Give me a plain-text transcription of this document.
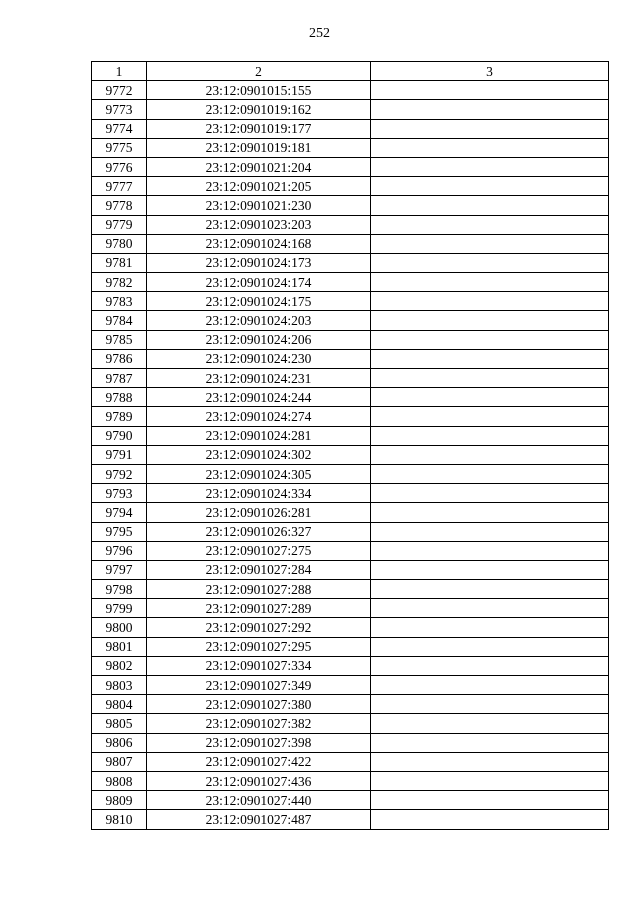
252
1	2	3
9772	23:12:0901015:155	
9773	23:12:0901019:162	
9774	23:12:0901019:177	
9775	23:12:0901019:181	
9776	23:12:0901021:204	
9777	23:12:0901021:205	
9778	23:12:0901021:230	
9779	23:12:0901023:203	
9780	23:12:0901024:168	
9781	23:12:0901024:173	
9782	23:12:0901024:174	
9783	23:12:0901024:175	
9784	23:12:0901024:203	
9785	23:12:0901024:206	
9786	23:12:0901024:230	
9787	23:12:0901024:231	
9788	23:12:0901024:244	
9789	23:12:0901024:274	
9790	23:12:0901024:281	
9791	23:12:0901024:302	
9792	23:12:0901024:305	
9793	23:12:0901024:334	
9794	23:12:0901026:281	
9795	23:12:0901026:327	
9796	23:12:0901027:275	
9797	23:12:0901027:284	
9798	23:12:0901027:288	
9799	23:12:0901027:289	
9800	23:12:0901027:292	
9801	23:12:0901027:295	
9802	23:12:0901027:334	
9803	23:12:0901027:349	
9804	23:12:0901027:380	
9805	23:12:0901027:382	
9806	23:12:0901027:398	
9807	23:12:0901027:422	
9808	23:12:0901027:436	
9809	23:12:0901027:440	
9810	23:12:0901027:487	
